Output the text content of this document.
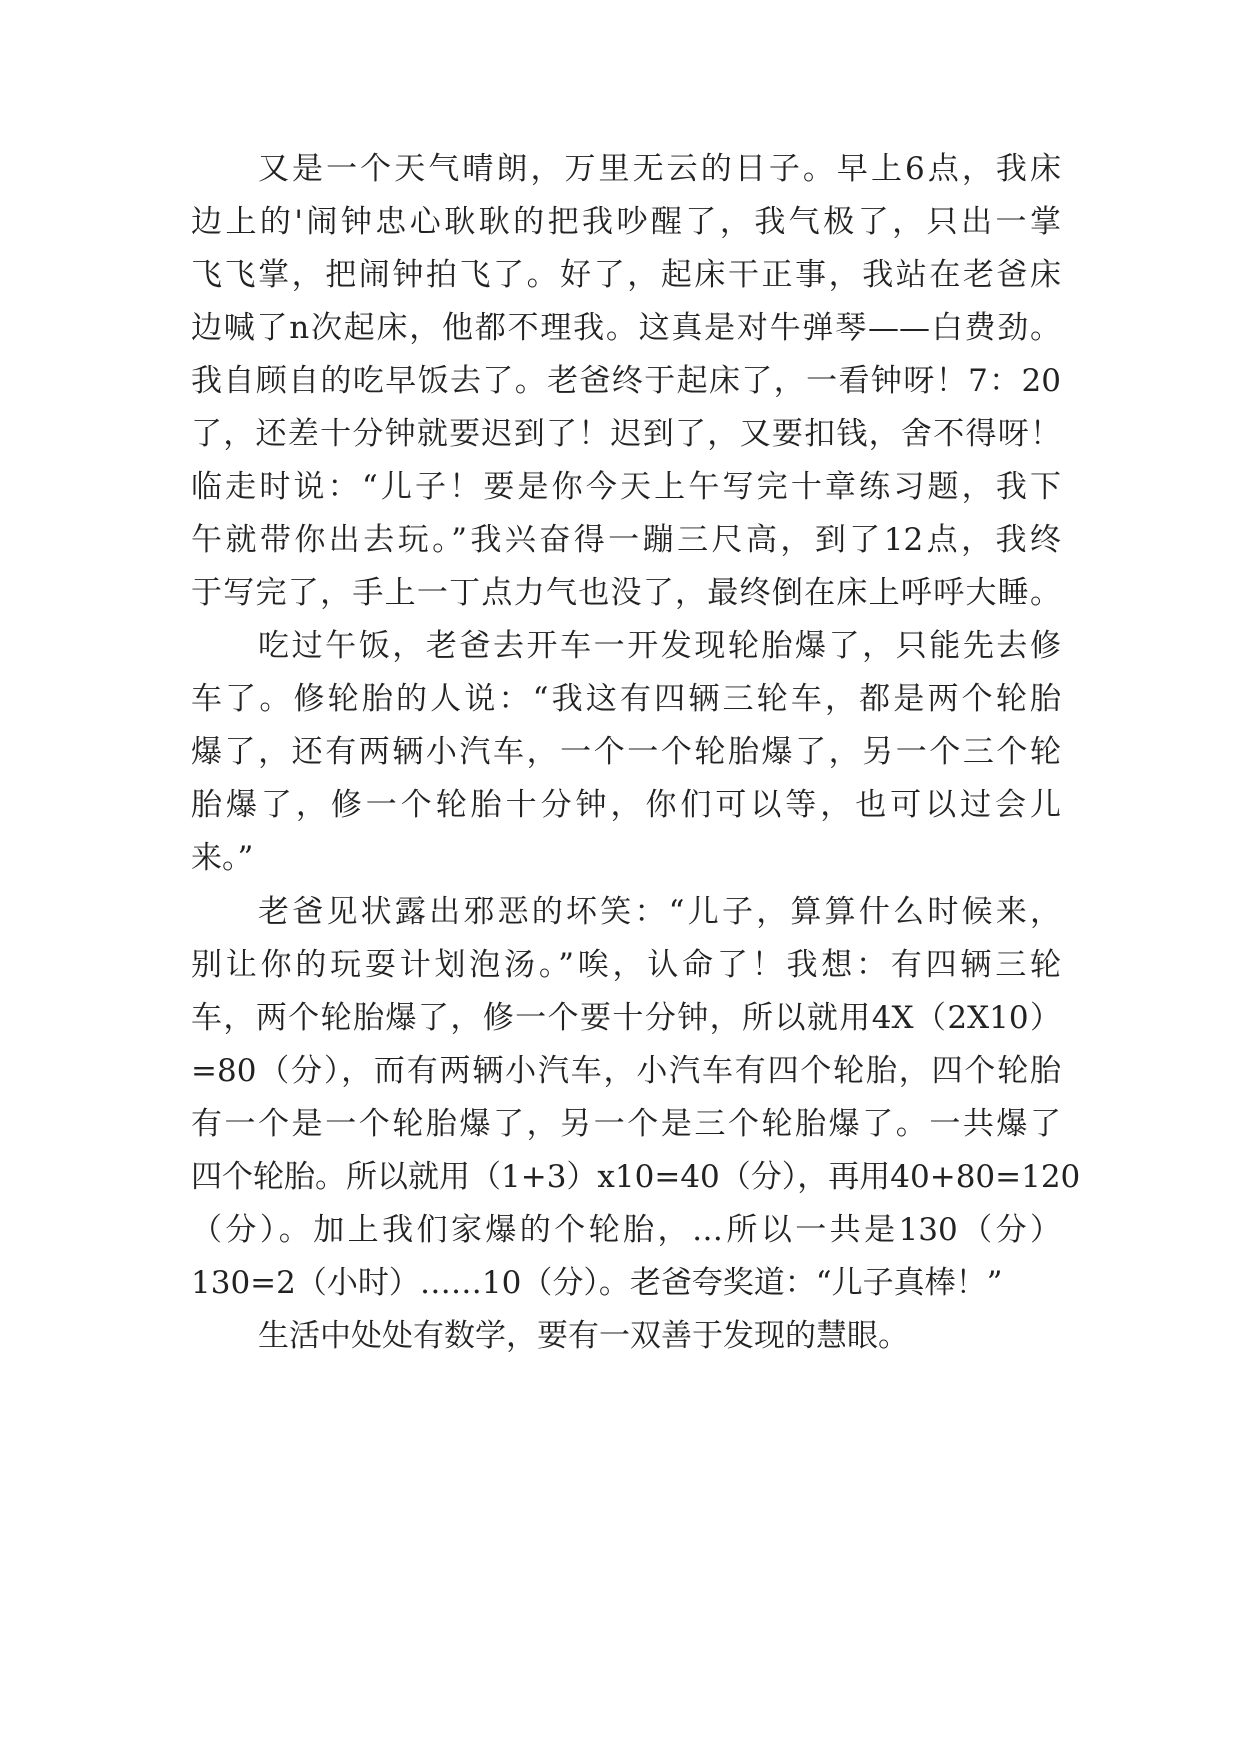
又是一个天气晴朗，万里无云的日子。早上6点，我床
边上的'闹钟忠心耿耿的把我吵醒了，我气极了，只出一掌
飞飞掌，把闹钟拍飞了。好了，起床干正事，我站在老爸床
边喊了n次起床，他都不理我。这真是对牛弹琴——白费劲。
我自顾自的吃早饭去了。老爸终于起床了，一看钟呀！7：20
了，还差十分钟就要迟到了！迟到了，又要扣钱，舍不得呀！
临走时说：“儿子！要是你今天上午写完十章练习题，我下
午就带你出去玩。”我兴奋得一蹦三尺高，到了12点，我终
于写完了，手上一丁点力气也没了，最终倒在床上呼呼大睡。
吃过午饭，老爸去开车一开发现轮胎爆了，只能先去修
车了。修轮胎的人说：“我这有四辆三轮车，都是两个轮胎
爆了，还有两辆小汽车，一个一个轮胎爆了，另一个三个轮
胎爆了，修一个轮胎十分钟，你们可以等，也可以过会儿
来。”
老爸见状露出邪恶的坏笑：“儿子，算算什么时候来，
别让你的玩耍计划泡汤。”唉，认命了！我想：有四辆三轮
车，两个轮胎爆了，修一个要十分钟，所以就用4X（2X10）
=80（分），而有两辆小汽车，小汽车有四个轮胎，四个轮胎
有一个是一个轮胎爆了，另一个是三个轮胎爆了。一共爆了
四个轮胎。所以就用（1+3）x10=40（分），再用40+80=120
（分）。加上我们家爆的个轮胎，…所以一共是130（分）
130=2（小时）……10（分）。老爸夸奖道：“儿子真棒！”
生活中处处有数学，要有一双善于发现的慧眼。
